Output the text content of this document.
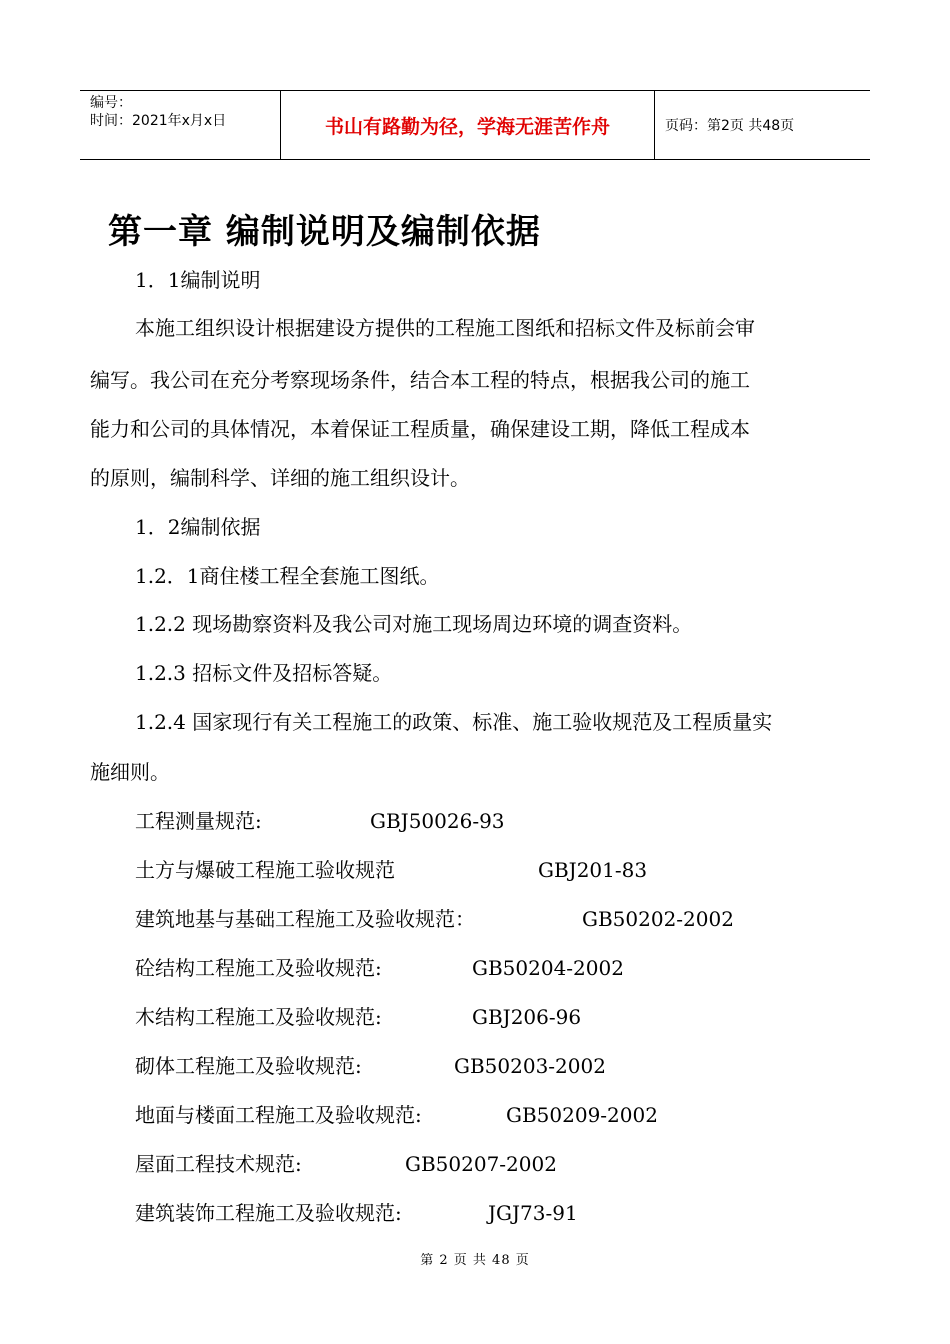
编号：
时间：2021年x月x日	书山有路勤为径，学海无涯苦作舟	页码：第2页 共48页
第一章 编制说明及编制依据
1．1编制说明
本施工组织设计根据建设方提供的工程施工图纸和招标文件及标前会审
编写。我公司在充分考察现场条件，结合本工程的特点，根据我公司的施工
能力和公司的具体情况，本着保证工程质量，确保建设工期，降低工程成本
的原则，编制科学、详细的施工组织设计。
1．2编制依据
1.2．1商住楼工程全套施工图纸。
1.2.2 现场勘察资料及我公司对施工现场周边环境的调查资料。
1.2.3 招标文件及招标答疑。
1.2.4 国家现行有关工程施工的政策、标准、施工验收规范及工程质量实
施细则。
工程测量规范:	GBJ50026-93
土方与爆破工程施工验收规范	GBJ201-83
建筑地基与基础工程施工及验收规范：	GB50202-2002
砼结构工程施工及验收规范:	GB50204-2002
木结构工程施工及验收规范:	GBJ206-96
砌体工程施工及验收规范:	GB50203-2002
地面与楼面工程施工及验收规范:	GB50209-2002
屋面工程技术规范:	GB50207-2002
建筑装饰工程施工及验收规范:	JGJ73-91
第 2 页 共 48 页
